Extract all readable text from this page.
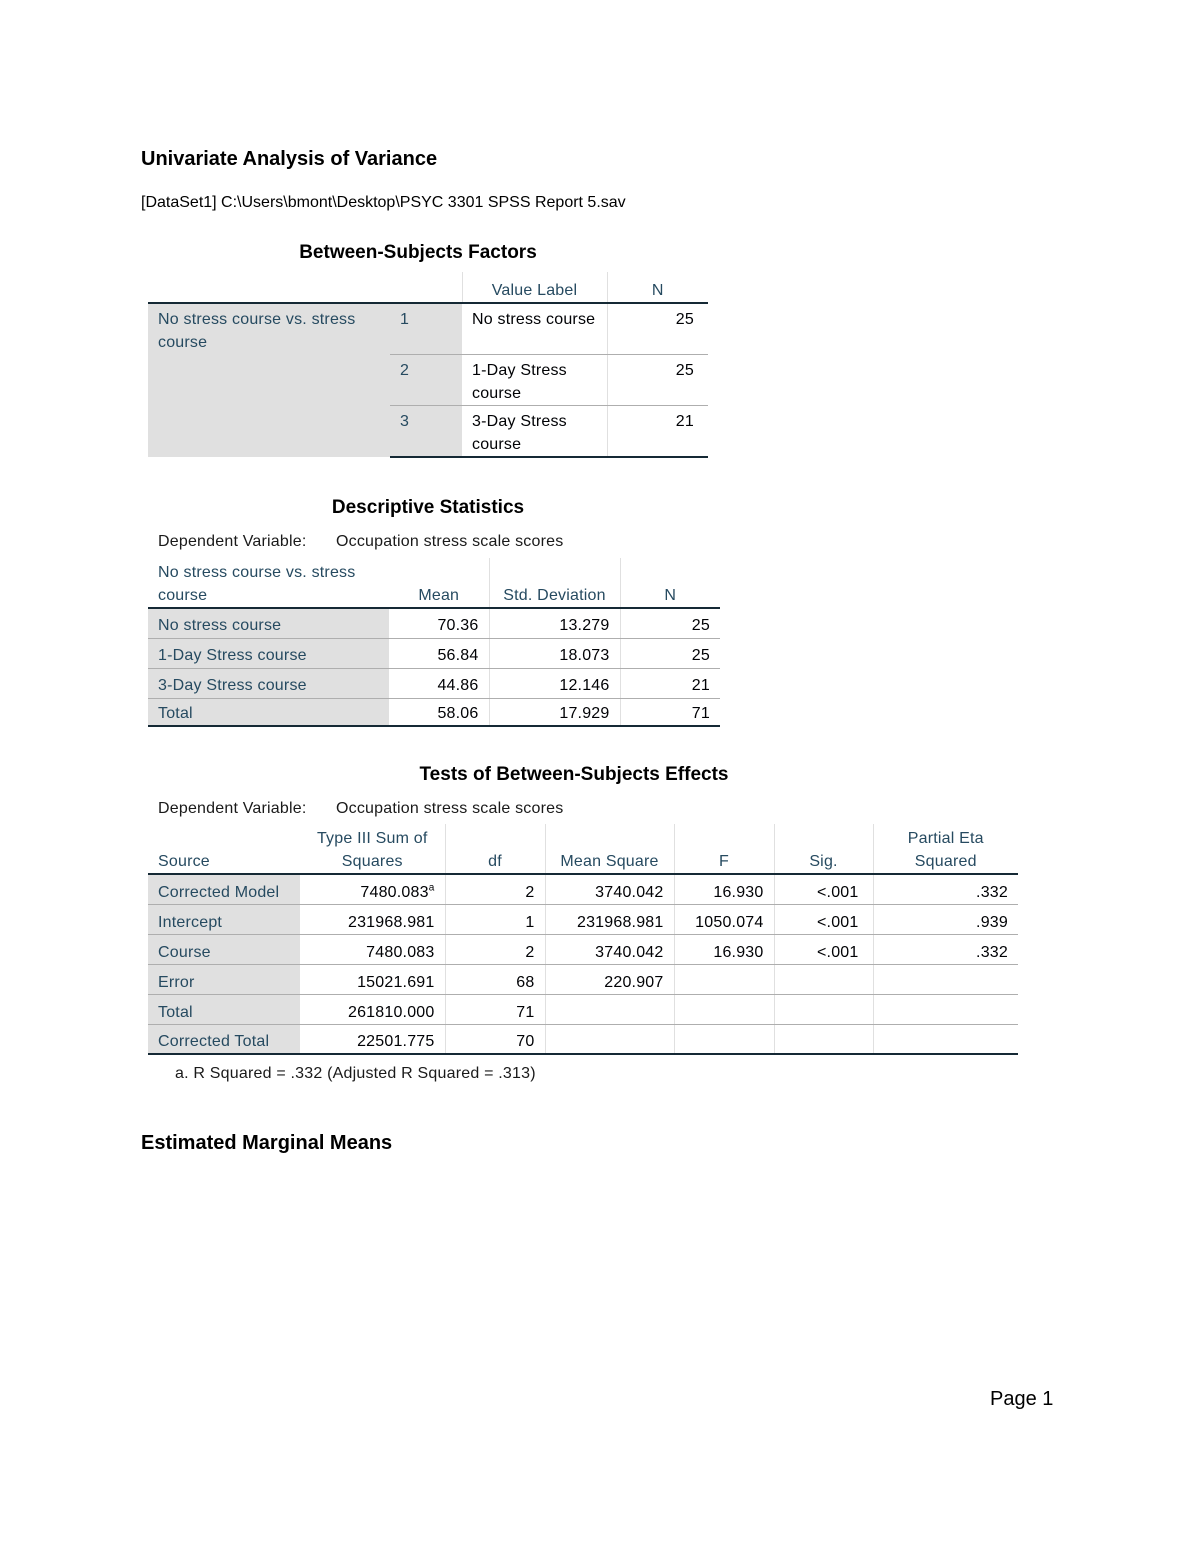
Univariate Analysis of Variance
[DataSet1] C:\Users\bmont\Desktop\PSYC 3301 SPSS Report 5.sav
Between-Subjects Factors
		Value Label	N
No stress course vs. stress course	1	No stress course	25
	2	1-Day Stress course	25
	3	3-Day Stress course	21
Descriptive Statistics
Dependent Variable: Occupation stress scale scores
No stress course vs. stress course	Mean	Std. Deviation	N
No stress course	70.36	13.279	25
1-Day Stress course	56.84	18.073	25
3-Day Stress course	44.86	12.146	21
Total	58.06	17.929	71
Tests of Between-Subjects Effects
Dependent Variable: Occupation stress scale scores
Source	Type III Sum of Squares	df	Mean Square	F	Sig.	Partial Eta Squared
Corrected Model	7480.083$^a$	2	3740.042	16.930	<.001	.332
Intercept	231968.981	1	231968.981	1050.074	<.001	.939
Course	7480.083	2	3740.042	16.930	<.001	.332
Error	15021.691	68	220.907			
Total	261810.000	71				
Corrected Total	22501.775	70				
a. R Squared = .332 (Adjusted R Squared = .313)
Estimated Marginal Means
Page 1
